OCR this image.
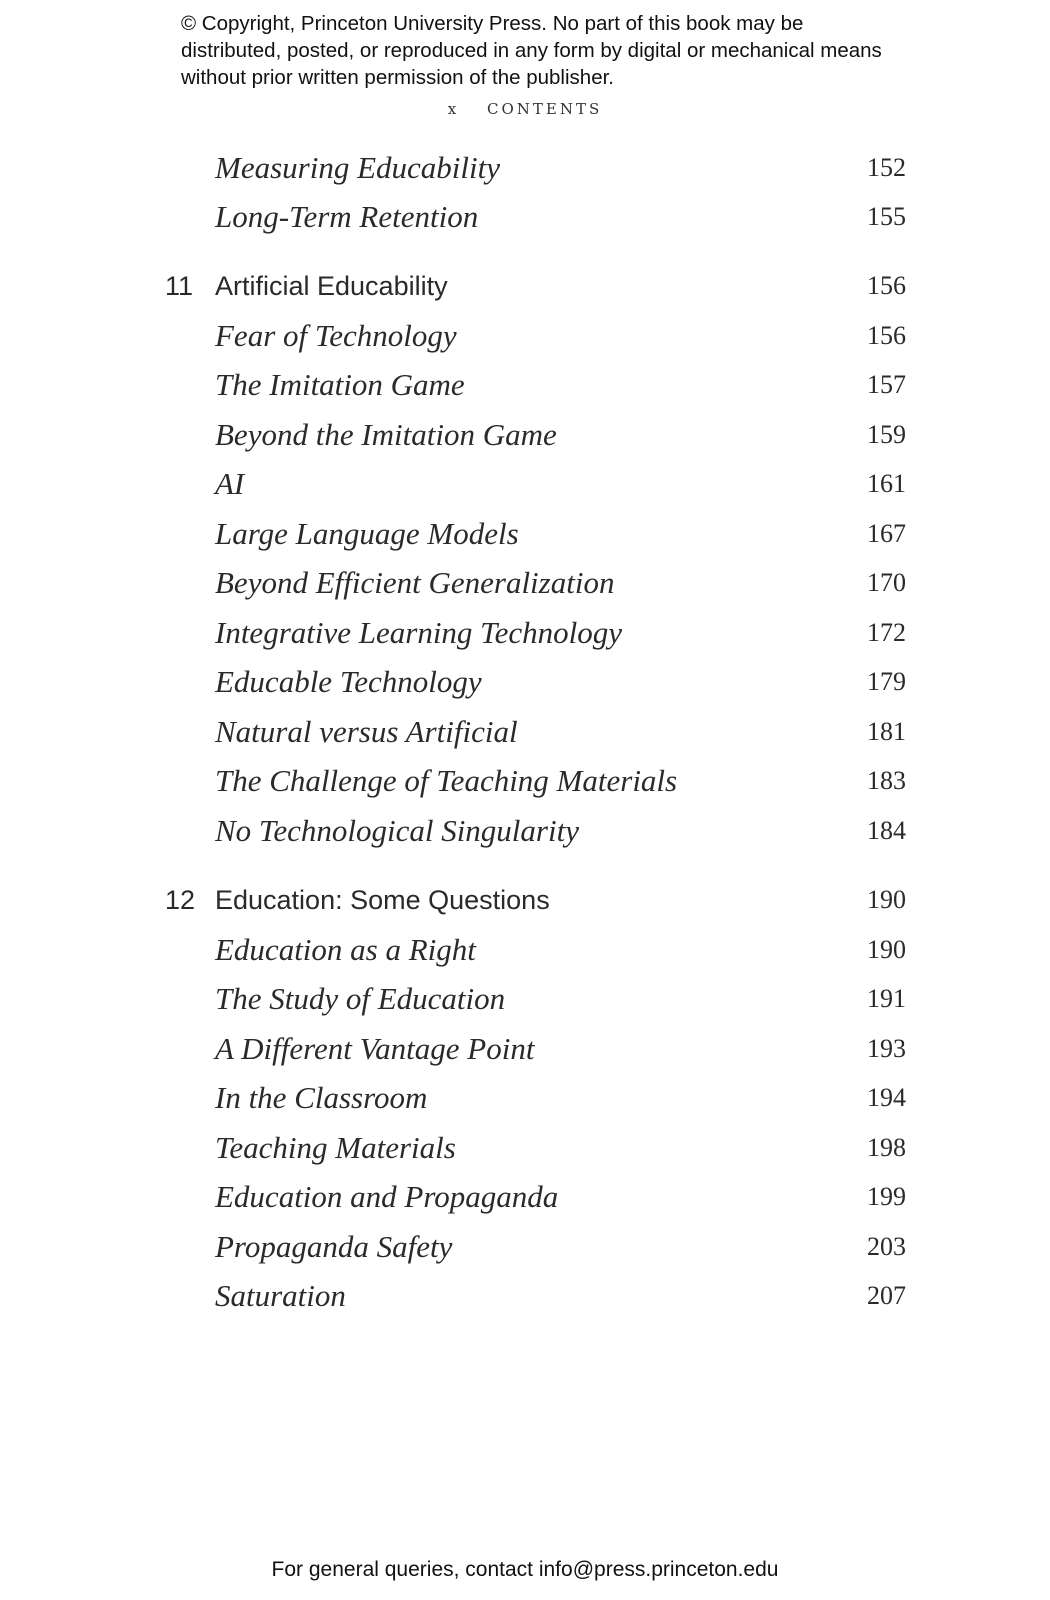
© Copyright, Princeton University Press. No part of this book may be distributed, posted, or reproduced in any form by digital or mechanical means without prior written permission of the publisher.

x CONTENTS
Measuring Educability	152
Long-Term Retention	155
11 Artificial Educability	156
Fear of Technology	156
The Imitation Game	157
Beyond the Imitation Game	159
AI	161
Large Language Models	167
Beyond Efficient Generalization	170
Integrative Learning Technology	172
Educable Technology	179
Natural versus Artificial	181
The Challenge of Teaching Materials	183
No Technological Singularity	184
12 Education: Some Questions	190
Education as a Right	190
The Study of Education	191
A Different Vantage Point	193
In the Classroom	194
Teaching Materials	198
Education and Propaganda	199
Propaganda Safety	203
Saturation	207
For general queries, contact info@press.princeton.edu
